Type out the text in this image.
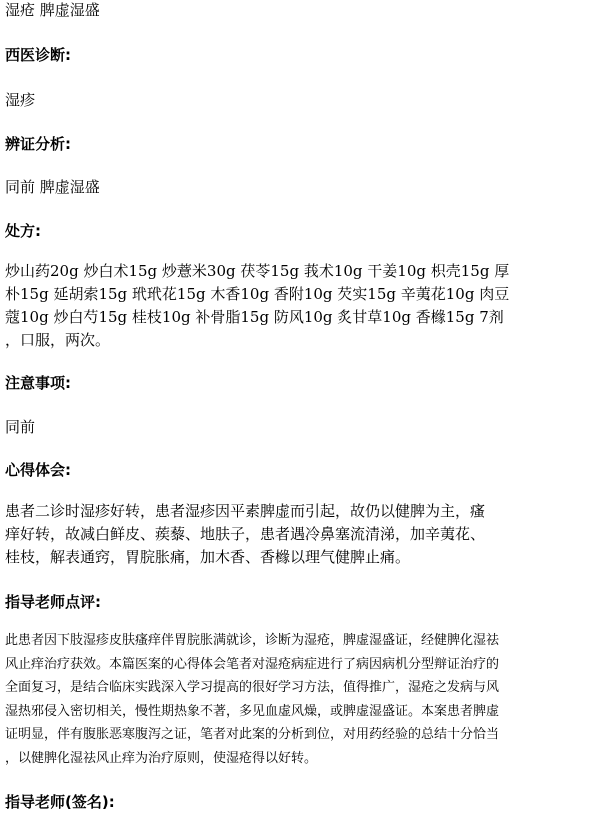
湿疮 脾虚湿盛

西医诊断:

湿疹

辨证分析:

同前 脾虚湿盛

处方:

炒山药20g 炒白术15g 炒薏米30g 茯苓15g 莪术10g 干姜10g 枳壳15g 厚
朴15g 延胡索15g 玳玳花15g 木香10g 香附10g 芡实15g 辛荑花10g 肉豆
蔻10g 炒白芍15g 桂枝10g 补骨脂15g 防风10g 炙甘草10g 香橼15g 7剂
，口服，两次。

注意事项:

同前

心得体会:

患者二诊时湿疹好转，患者湿疹因平素脾虚而引起，故仍以健脾为主，瘙
痒好转，故减白鲜皮、蒺藜、地肤子，患者遇冷鼻塞流清涕，加辛荑花、
桂枝，解表通窍，胃脘胀痛，加木香、香橼以理气健脾止痛。

指导老师点评:

此患者因下肢湿疹皮肤瘙痒伴胃脘胀满就诊，诊断为湿疮，脾虚湿盛证，经健脾化湿祛
风止痒治疗获效。本篇医案的心得体会笔者对湿疮病症进行了病因病机分型辩证治疗的
全面复习，是结合临床实践深入学习提高的很好学习方法，值得推广，湿疮之发病与风
湿热邪侵入密切相关，慢性期热象不著，多见血虚风燥，或脾虚湿盛证。本案患者脾虚
证明显，伴有腹胀恶寒腹泻之证，笔者对此案的分析到位，对用药经验的总结十分恰当
，以健脾化湿祛风止痒为治疗原则，使湿疮得以好转。

指导老师(签名):
